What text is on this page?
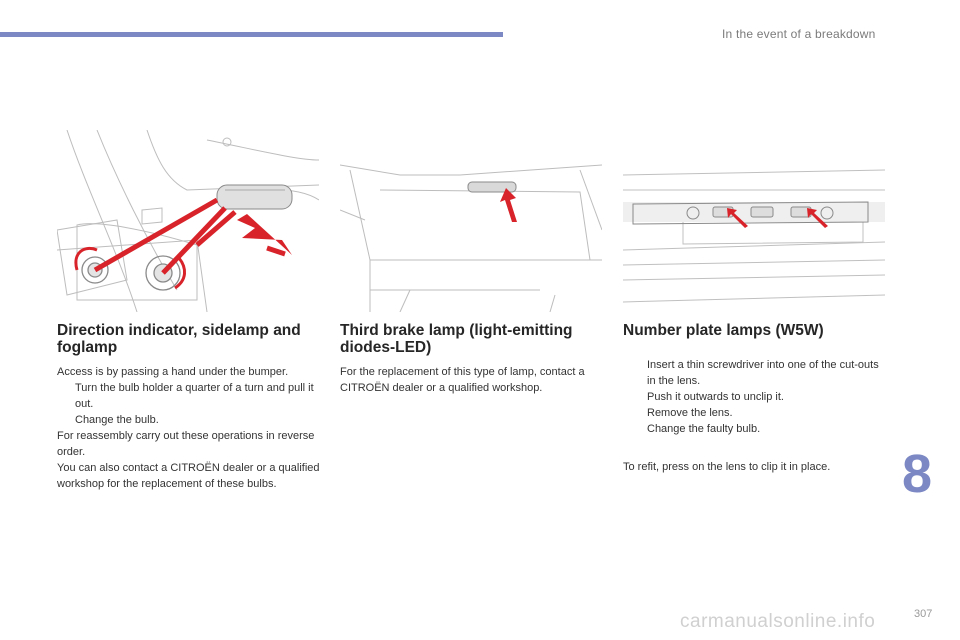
In the event of a breakdown
Direction indicator, sidelamp and foglamp

Access is by passing a hand under the bumper.

Turn the bulb holder a quarter of a turn and pull it out.
Change the bulb.

For reassembly carry out these operations in reverse order.

You can also contact a CITROËN dealer or a qualified workshop for the replacement of these bulbs.

Third brake lamp (light-emitting diodes-LED)

For the replacement of this type of lamp, contact a CITROËN dealer or a qualified workshop.

Number plate lamps (W5W)
Insert a thin screwdriver into one of the cut-outs in the lens.
Push it outwards to unclip it.
Remove the lens.
Change the faulty bulb.

To refit, press on the lens to clip it in place.	8
carmanualsonline.info	307
